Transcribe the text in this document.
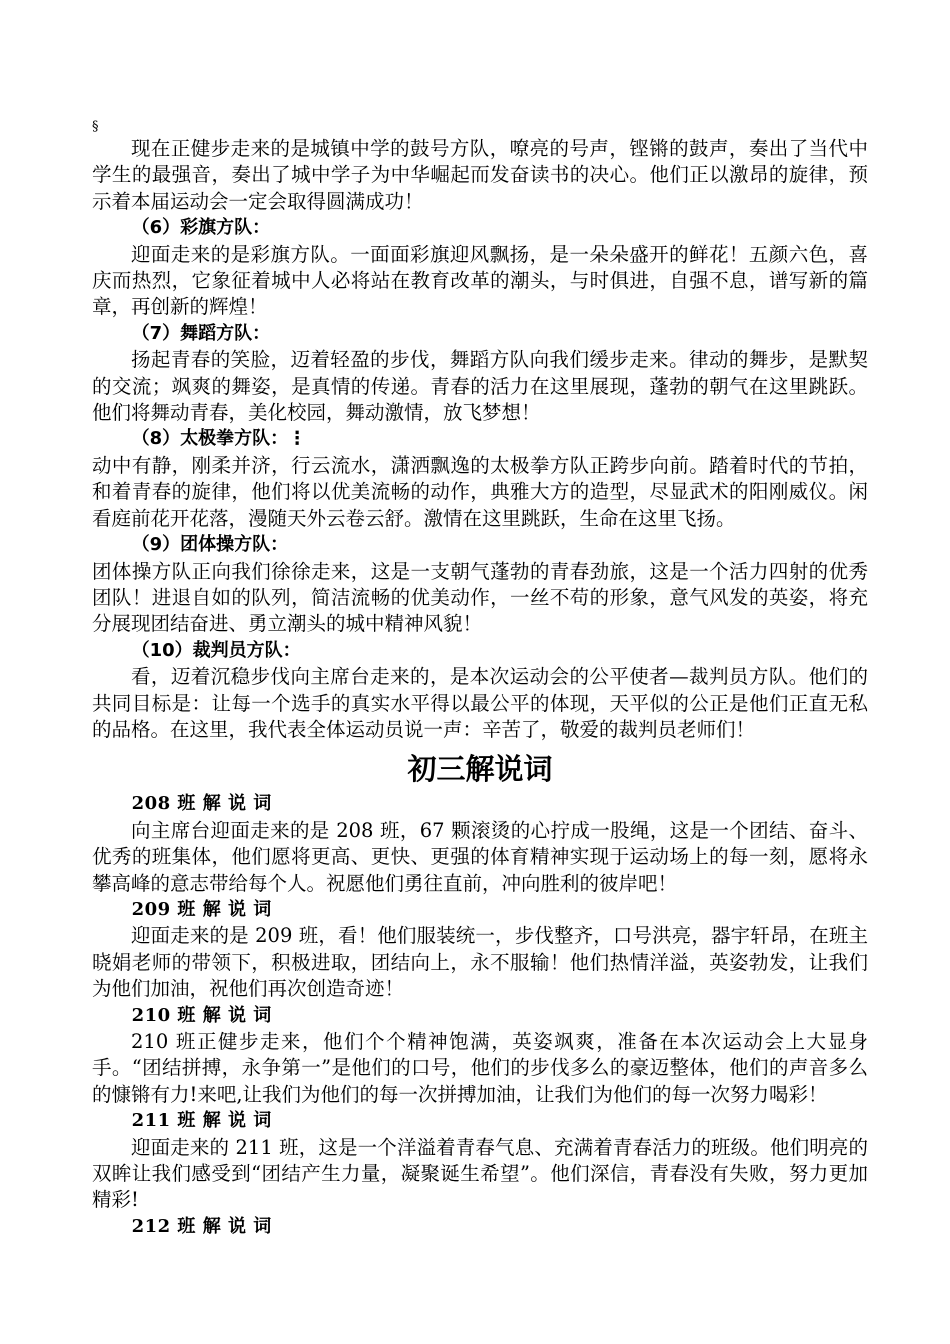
§

现在正健步走来的是城镇中学的鼓号方队，嘹亮的号声，铿锵的鼓声，奏出了当代中学生的最强音，奏出了城中学子为中华崛起而发奋读书的决心。他们正以激昂的旋律，预示着本届运动会一定会取得圆满成功！

（6）彩旗方队：

迎面走来的是彩旗方队。一面面彩旗迎风飘扬，是一朵朵盛开的鲜花！五颜六色，喜庆而热烈，它象征着城中人必将站在教育改革的潮头，与时俱进，自强不息，谱写新的篇章，再创新的辉煌！

（7）舞蹈方队：

扬起青春的笑脸，迈着轻盈的步伐，舞蹈方队向我们缓步走来。律动的舞步，是默契的交流；飒爽的舞姿，是真情的传递。青春的活力在这里展现，蓬勃的朝气在这里跳跃。他们将舞动青春，美化校园，舞动激情，放飞梦想！

（8）太极拳方队：⋮

动中有静，刚柔并济，行云流水，潇洒飘逸的太极拳方队正跨步向前。踏着时代的节拍，和着青春的旋律，他们将以优美流畅的动作，典雅大方的造型，尽显武术的阳刚威仪。闲看庭前花开花落，漫随天外云卷云舒。激情在这里跳跃，生命在这里飞扬。

（9）团体操方队：

团体操方队正向我们徐徐走来，这是一支朝气蓬勃的青春劲旅，这是一个活力四射的优秀团队！进退自如的队列，简洁流畅的优美动作，一丝不苟的形象，意气风发的英姿，将充分展现团结奋进、勇立潮头的城中精神风貌！

（10）裁判员方队：

看，迈着沉稳步伐向主席台走来的，是本次运动会的公平使者—裁判员方队。他们的共同目标是：让每一个选手的真实水平得以最公平的体现，天平似的公正是他们正直无私的品格。在这里，我代表全体运动员说一声：辛苦了，敬爱的裁判员老师们！

初三解说词
208 班 解 说 词

向主席台迎面走来的是 208 班，67 颗滚烫的心拧成一股绳，这是一个团结、奋斗、优秀的班集体，他们愿将更高、更快、更强的体育精神实现于运动场上的每一刻，愿将永攀高峰的意志带给每个人。祝愿他们勇往直前，冲向胜利的彼岸吧！

209 班 解 说 词

迎面走来的是 209 班，看！他们服装统一，步伐整齐，口号洪亮，器宇轩昂，在班主晓娟老师的带领下，积极进取，团结向上，永不服输！他们热情洋溢，英姿勃发，让我们为他们加油，祝他们再次创造奇迹！

210 班 解 说 词

210 班正健步走来，他们个个精神饱满，英姿飒爽，准备在本次运动会上大显身手。“团结拼搏，永争第一”是他们的口号，他们的步伐多么的豪迈整体，他们的声音多么的慷锵有力!来吧,让我们为他们的每一次拼搏加油，让我们为他们的每一次努力喝彩！

211 班 解 说 词

迎面走来的 211 班，这是一个洋溢着青春气息、充满着青春活力的班级。他们明亮的双眸让我们感受到“团结产生力量，凝聚诞生希望”。他们深信，青春没有失败，努力更加精彩!

212 班 解 说 词
